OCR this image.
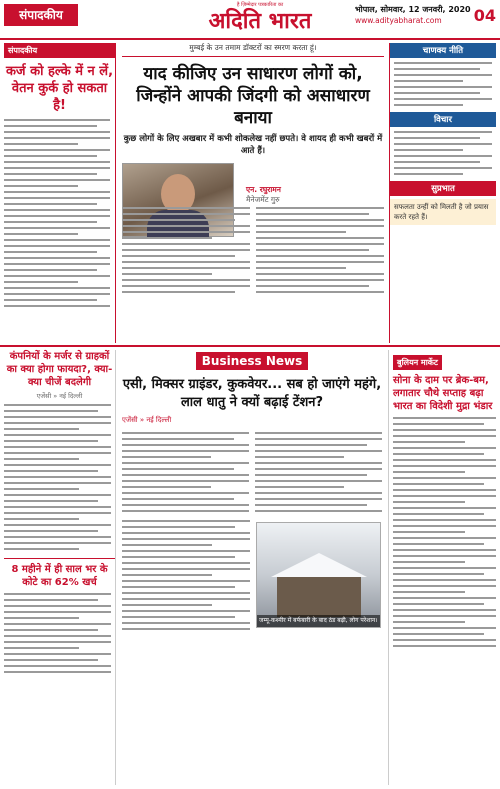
संपादकीय
है ज़िम्मेदार पत्रकारिता का
अदिति भारत	भोपाल, सोमवार, 12 जनवरी, 2020
www.adityabharat.com	04
संपादकीय
कर्ज को हल्के में न लें, वेतन कुर्क हो सकता है!
मुम्बई के उन तमाम डॉक्टरों का स्मरण करता हूं।
याद कीजिए उन साधारण लोगों को, जिन्होंने आपकी जिंदगी को असाधारण बनाया
कुछ लोगों के लिए अखबार में कभी शोकलेख नहीं छपते। वे शायद ही कभी खबरों में आते हैं।
एन. रघुरामन
मैनेजमेंट गुरु
चाणक्य नीति
विचार
सुप्रभात
सफलता उन्हीं को मिलती है जो प्रयास करते रहते हैं।
कंपनियों के मर्जर से ग्राहकों का क्या होगा फायदा?, क्या-क्या चीजें बदलेगी
एजेंसी » नई दिल्ली
8 महीने में ही साल भर के कोटे का 62% खर्च
Business News
एसी, मिक्सर ग्राइंडर, कुकवेयर... सब हो जाएंगे महंगे, लाल धातु ने क्यों बढ़ाई टेंशन?
एजेंसी » नई दिल्ली
जम्मू-कश्मीर में बर्फबारी के बाद ठंड बढ़ी, लोग परेशान।
बुलियन मार्केट
सोना के दाम पर ब्रेक-बम, लगातार चौथे सप्ताह बढ़ा भारत का विदेशी मुद्रा भंडार
